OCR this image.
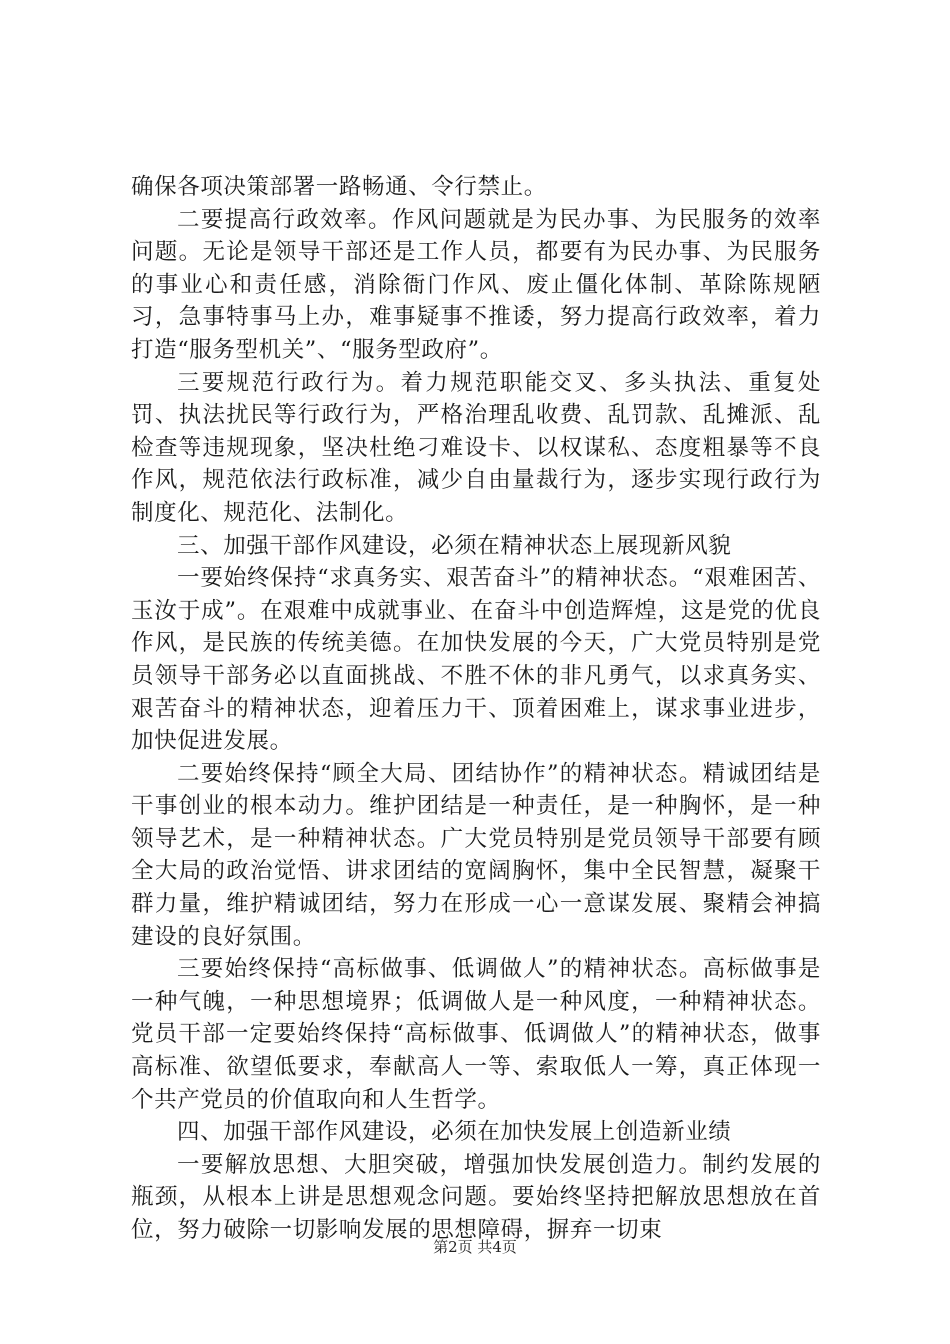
确保各项决策部署一路畅通、令行禁止。

二要提高行政效率。作风问题就是为民办事、为民服务的效率问题。无论是领导干部还是工作人员，都要有为民办事、为民服务的事业心和责任感，消除衙门作风、废止僵化体制、革除陈规陋习，急事特事马上办，难事疑事不推诿，努力提高行政效率，着力打造“服务型机关”、“服务型政府”。

三要规范行政行为。着力规范职能交叉、多头执法、重复处罚、执法扰民等行政行为，严格治理乱收费、乱罚款、乱摊派、乱检查等违规现象，坚决杜绝刁难设卡、以权谋私、态度粗暴等不良作风，规范依法行政标准，减少自由量裁行为，逐步实现行政行为制度化、规范化、法制化。

三、加强干部作风建设，必须在精神状态上展现新风貌

一要始终保持“求真务实、艰苦奋斗”的精神状态。“艰难困苦、玉汝于成”。在艰难中成就事业、在奋斗中创造辉煌，这是党的优良作风，是民族的传统美德。在加快发展的今天，广大党员特别是党员领导干部务必以直面挑战、不胜不休的非凡勇气，以求真务实、艰苦奋斗的精神状态，迎着压力干、顶着困难上，谋求事业进步，加快促进发展。

二要始终保持“顾全大局、团结协作”的精神状态。精诚团结是干事创业的根本动力。维护团结是一种责任，是一种胸怀，是一种领导艺术，是一种精神状态。广大党员特别是党员领导干部要有顾全大局的政治觉悟、讲求团结的宽阔胸怀，集中全民智慧，凝聚干群力量，维护精诚团结，努力在形成一心一意谋发展、聚精会神搞建设的良好氛围。

三要始终保持“高标做事、低调做人”的精神状态。高标做事是一种气魄，一种思想境界；低调做人是一种风度，一种精神状态。党员干部一定要始终保持“高标做事、低调做人”的精神状态，做事高标准、欲望低要求，奉献高人一等、索取低人一筹，真正体现一个共产党员的价值取向和人生哲学。

四、加强干部作风建设，必须在加快发展上创造新业绩

一要解放思想、大胆突破，增强加快发展创造力。制约发展的瓶颈，从根本上讲是思想观念问题。要始终坚持把解放思想放在首位，努力破除一切影响发展的思想障碍，摒弃一切束

第2页 共4页
